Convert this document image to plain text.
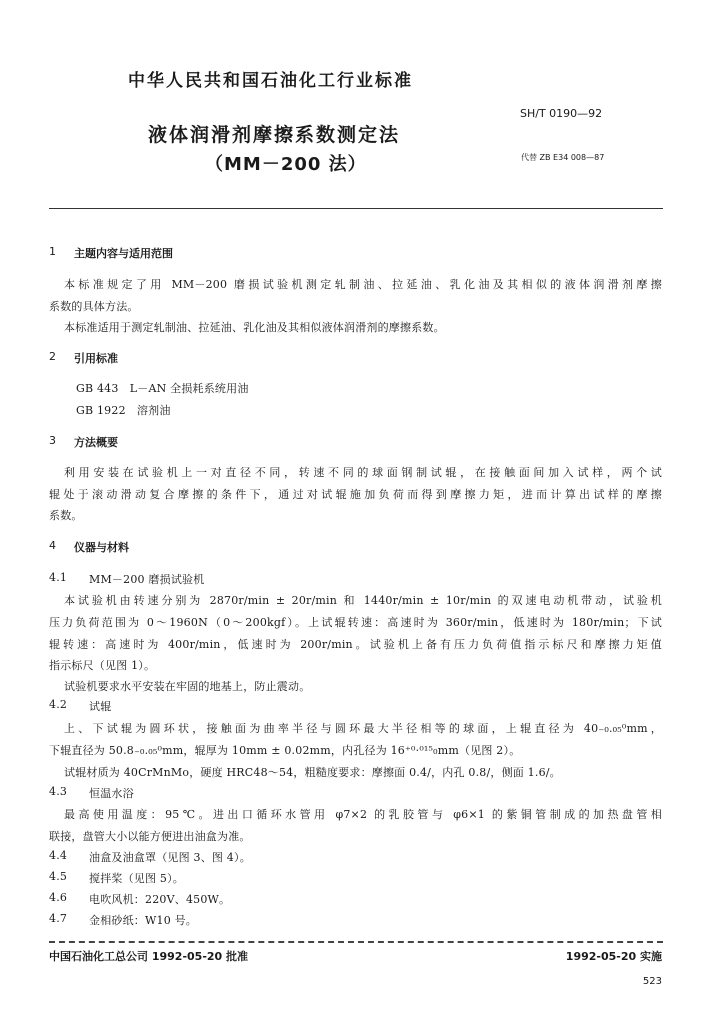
中华人民共和国石油化工行业标准
液体润滑剂摩擦系数测定法
（MM－200 法）
SH/T 0190—92
代替 ZB E34 008—87
1 主题内容与适用范围
本标准规定了用 MM－200 磨损试验机测定轧制油、拉延油、乳化油及其相似的液体润滑剂摩擦
系数的具体方法。
本标准适用于测定轧制油、拉延油、乳化油及其相似液体润滑剂的摩擦系数。
2 引用标准
GB 443　L－AN 全损耗系统用油
GB 1922　溶剂油
3 方法概要
利用安装在试验机上一对直径不同，转速不同的球面钢制试辊，在接触面间加入试样，两个试
辊处于滚动滑动复合摩擦的条件下，通过对试辊施加负荷而得到摩擦力矩，进而计算出试样的摩擦
系数。
4 仪器与材料
4.1 MM－200 磨损试验机
本试验机由转速分别为 2870r/min ± 20r/min 和 1440r/min ± 10r/min 的双速电动机带动，试验机
压力负荷范围为 0～1960N（0～200kgf）。上试辊转速：高速时为 360r/min，低速时为 180r/min；下试
辊转速：高速时为 400r/min，低速时为 200r/min。试验机上备有压力负荷值指示标尺和摩擦力矩值
指示标尺（见图 1）。
试验机要求水平安装在牢固的地基上，防止震动。
4.2 试辊
上、下试辊为圆环状，接触面为曲率半径与圆环最大半径相等的球面，上辊直径为 40₋₀.₀₅⁰mm，
下辊直径为 50.8₋₀.₀₅⁰mm，辊厚为 10mm ± 0.02mm，内孔径为 16⁺⁰·⁰¹⁵₀mm（见图 2）。
试辊材质为 40CrMnMo，硬度 HRC48～54，粗糙度要求：摩擦面 0.4/，内孔 0.8/，侧面 1.6/。
4.3 恒温水浴
最高使用温度：95℃。进出口循环水管用 φ7×2 的乳胶管与 φ6×1 的紫铜管制成的加热盘管相
联接，盘管大小以能方便进出油盒为准。
4.4 油盒及油盒罩（见图 3、图 4）。
4.5 搅拌桨（见图 5）。
4.6 电吹风机：220V、450W。
4.7 金相砂纸：W10 号。
中国石油化工总公司 1992-05-20 批准	1992-05-20 实施
523
